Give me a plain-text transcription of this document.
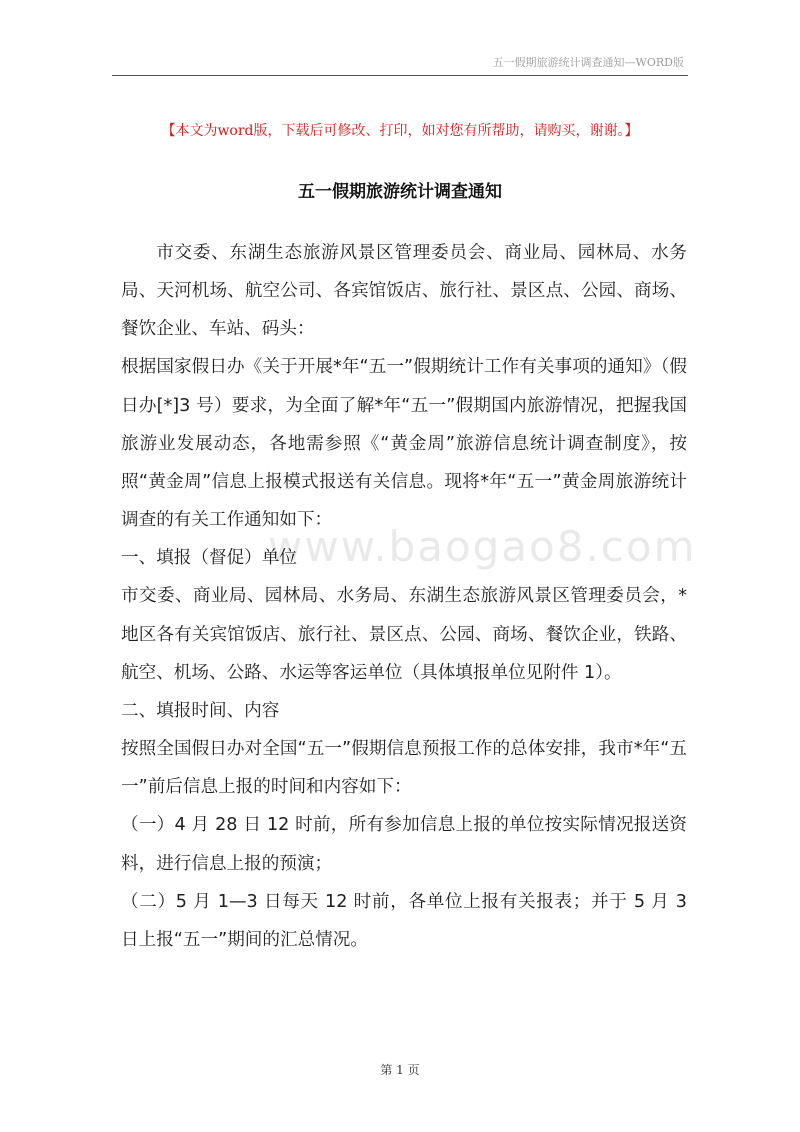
五一假期旅游统计调查通知—WORD版
【本文为word版，下载后可修改、打印，如对您有所帮助，请购买，谢谢。】
五一假期旅游统计调查通知
www.baogao8.com

市交委、东湖生态旅游风景区管理委员会、商业局、园林局、水务局、天河机场、航空公司、各宾馆饭店、旅行社、景区点、公园、商场、餐饮企业、车站、码头：

根据国家假日办《关于开展*年“五一”假期统计工作有关事项的通知》（假日办[*]3 号）要求，为全面了解*年“五一”假期国内旅游情况，把握我国旅游业发展动态，各地需参照《“黄金周”旅游信息统计调查制度》，按照“黄金周”信息上报模式报送有关信息。现将*年“五一”黄金周旅游统计调查的有关工作通知如下：

一、填报（督促）单位

市交委、商业局、园林局、水务局、东湖生态旅游风景区管理委员会，*地区各有关宾馆饭店、旅行社、景区点、公园、商场、餐饮企业，铁路、航空、机场、公路、水运等客运单位（具体填报单位见附件 1）。

二、填报时间、内容

按照全国假日办对全国“五一”假期信息预报工作的总体安排，我市*年“五一”前后信息上报的时间和内容如下：

（一）4 月 28 日 12 时前，所有参加信息上报的单位按实际情况报送资料，进行信息上报的预演；

（二）5 月 1—3 日每天 12 时前，各单位上报有关报表；并于 5 月 3 日上报“五一”期间的汇总情况。

第 1 页
